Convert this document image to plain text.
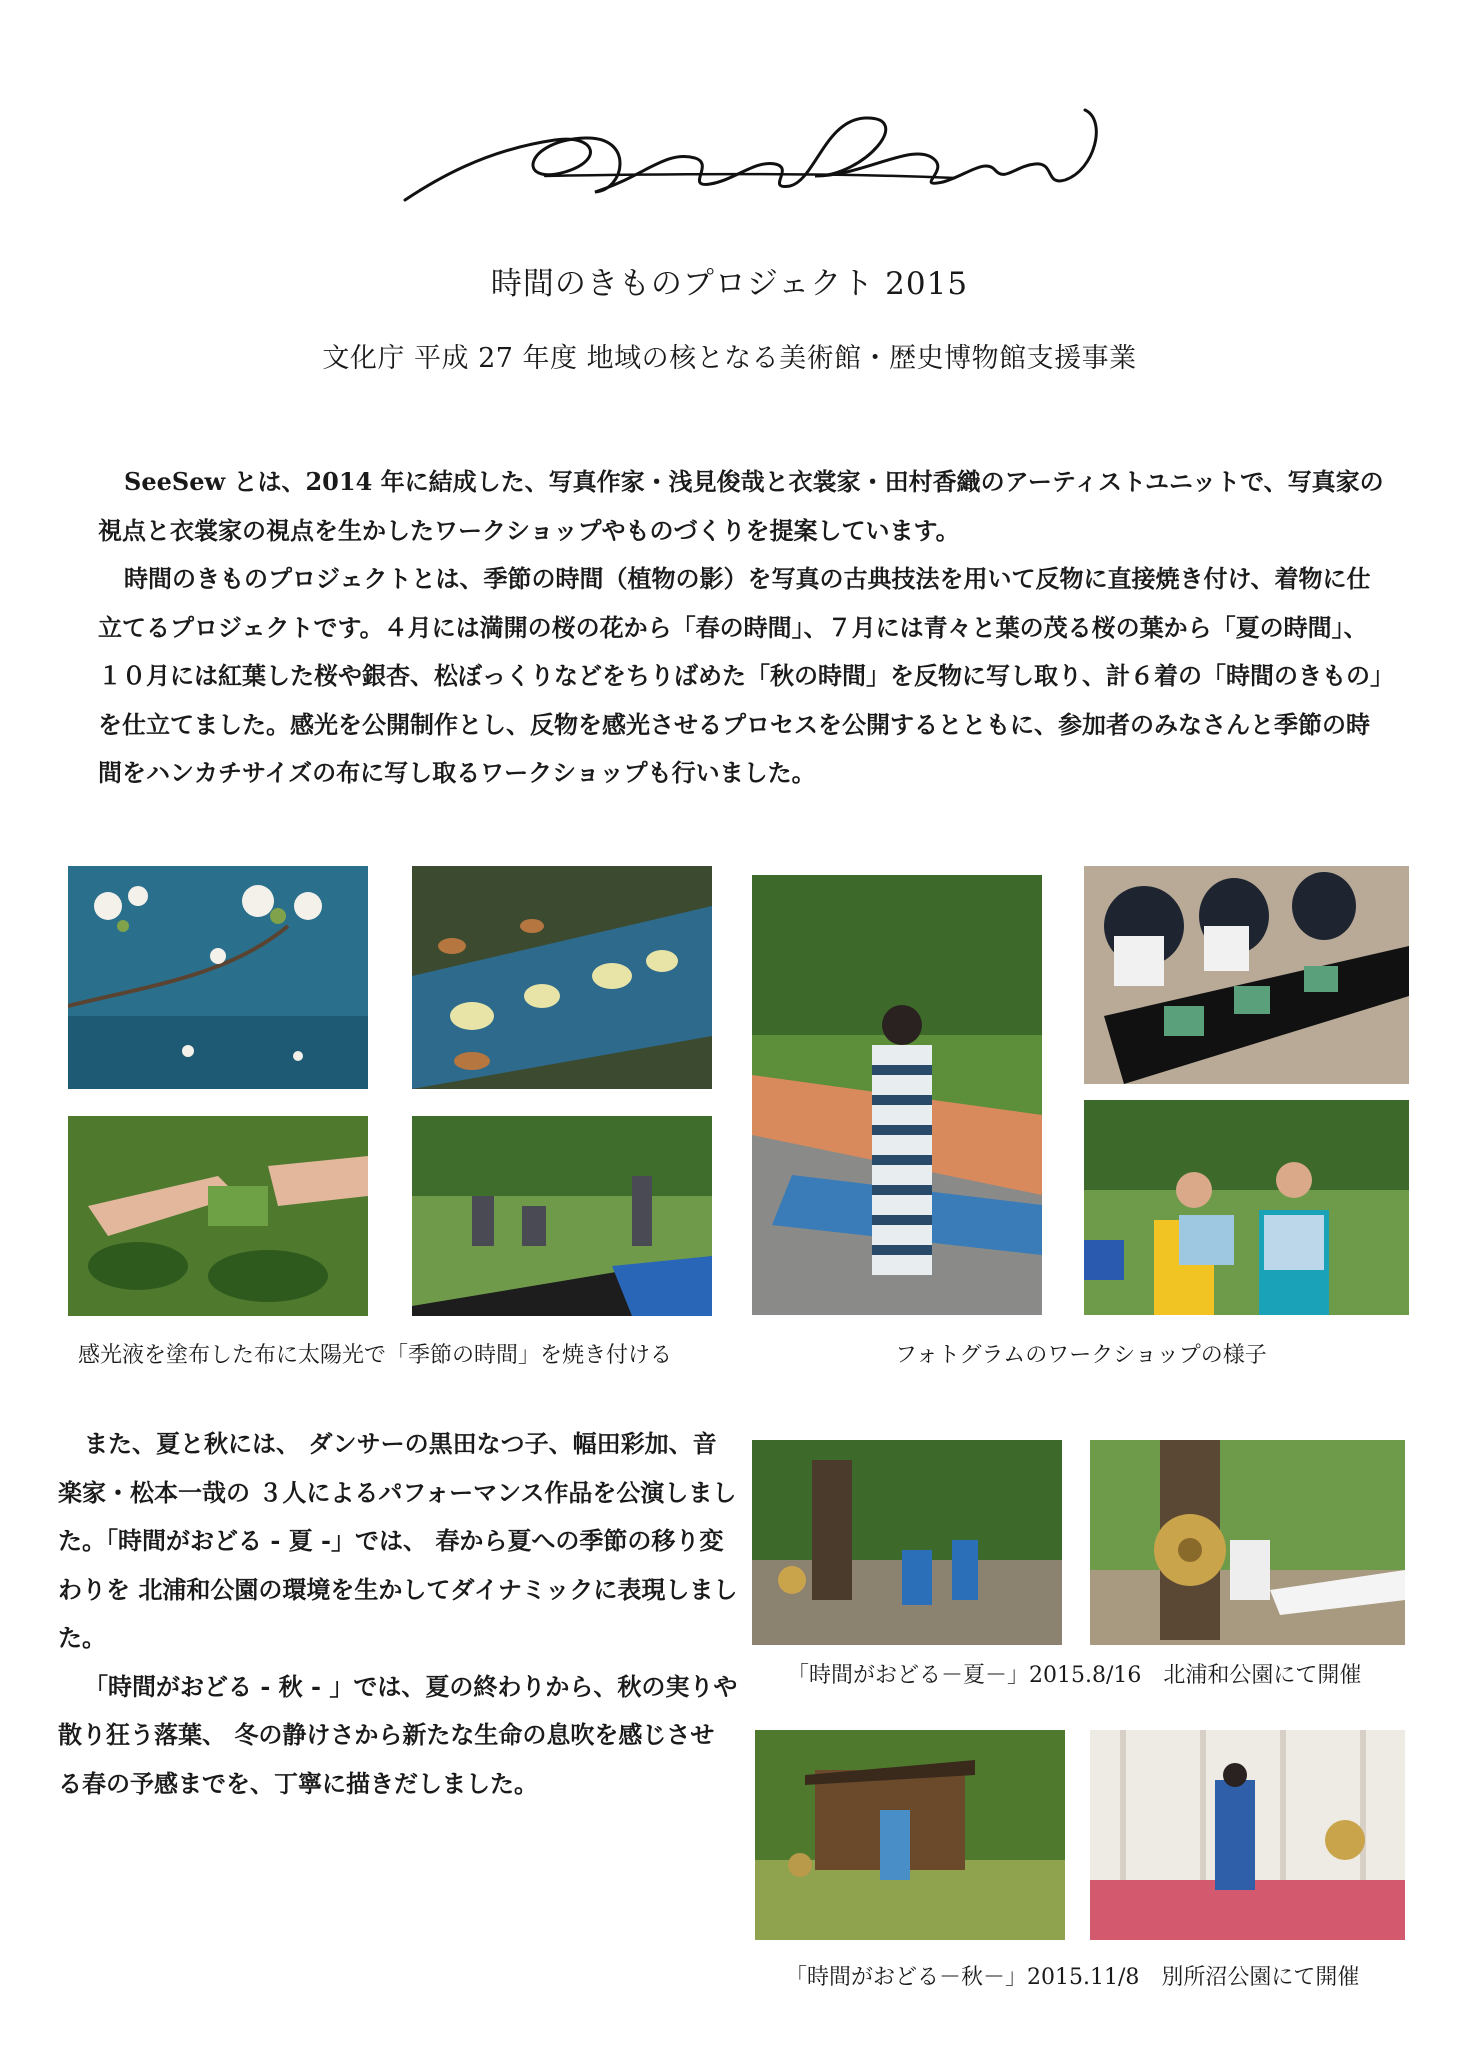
時間のきものプロジェクト 2015
文化庁 平成 27 年度 地域の核となる美術館・歴史博物館支援事業

SeeSew とは、2014 年に結成した、写真作家・浅見俊哉と衣裳家・田村香織のアーティストユニットで、写真家の視点と衣裳家の視点を生かしたワークショップやものづくりを提案しています。

時間のきものプロジェクトとは、季節の時間（植物の影）を写真の古典技法を用いて反物に直接焼き付け、着物に仕立てるプロジェクトです。４月には満開の桜の花から「春の時間」、７月には青々と葉の茂る桜の葉から「夏の時間」、１０月には紅葉した桜や銀杏、松ぼっくりなどをちりばめた「秋の時間」を反物に写し取り、計６着の「時間のきもの」を仕立てました。感光を公開制作とし、反物を感光させるプロセスを公開するとともに、参加者のみなさんと季節の時間をハンカチサイズの布に写し取るワークショップも行いました。

感光液を塗布した布に太陽光で「季節の時間」を焼き付ける	フォトグラムのワークショップの様子

また、夏と秋には、 ダンサーの黒田なつ子、幅田彩加、音楽家・松本一哉の ３人によるパフォーマンス作品を公演しました。「時間がおどる - 夏 -」では、 春から夏への季節の移り変わりを 北浦和公園の環境を生かしてダイナミックに表現しました。

「時間がおどる - 秋 - 」では、夏の終わりから、秋の実りや散り狂う落葉、 冬の静けさから新たな生命の息吹を感じさせる春の予感までを、丁寧に描きだしました。

「時間がおどる－夏－」2015.8/16　北浦和公園にて開催
「時間がおどる－秋－」2015.11/8　別所沼公園にて開催
